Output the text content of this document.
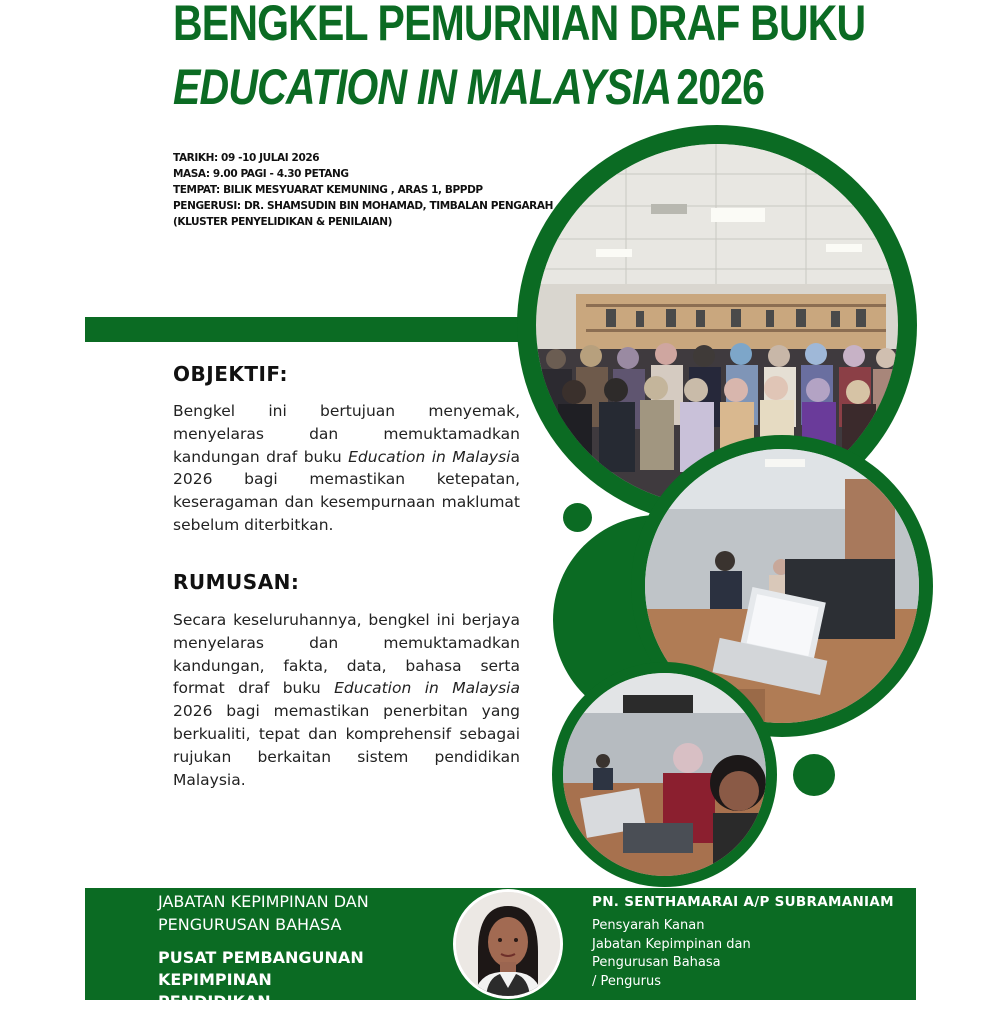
BENGKEL PEMURNIAN DRAF BUKU
EDUCATION IN MALAYSIA2026
TARIKH: 09 -10 JULAI 2026
MASA: 9.00 PAGI - 4.30 PETANG
TEMPAT: BILIK MESYUARAT KEMUNING , ARAS 1, BPPDP
PENGERUSI: DR. SHAMSUDIN BIN MOHAMAD, TIMBALAN PENGARAH
(KLUSTER PENYELIDIKAN & PENILAIAN)
OBJEKTIF:
Bengkel ini bertujuan menyemak, menyelaras dan memuktamadkan kandungan draf buku Education in Malaysia 2026 bagi memastikan ketepatan, keseragaman dan kesempurnaan maklumat sebelum diterbitkan.
RUMUSAN:
Secara keseluruhannya, bengkel ini berjaya menyelaras dan memuktamadkan kandungan, fakta, data, bahasa serta format draf buku Education in Malaysia 2026 bagi memastikan penerbitan yang berkualiti, tepat dan komprehensif sebagai rujukan berkaitan sistem pendidikan Malaysia.
JABATAN KEPIMPINAN DAN
PENGURUSAN BAHASA
PUSAT PEMBANGUNAN
KEPIMPINAN
PENDIDIKAN
PN. SENTHAMARAI A/P SUBRAMANIAM
Pensyarah Kanan
Jabatan Kepimpinan dan
Pengurusan Bahasa
/ Pengurus
